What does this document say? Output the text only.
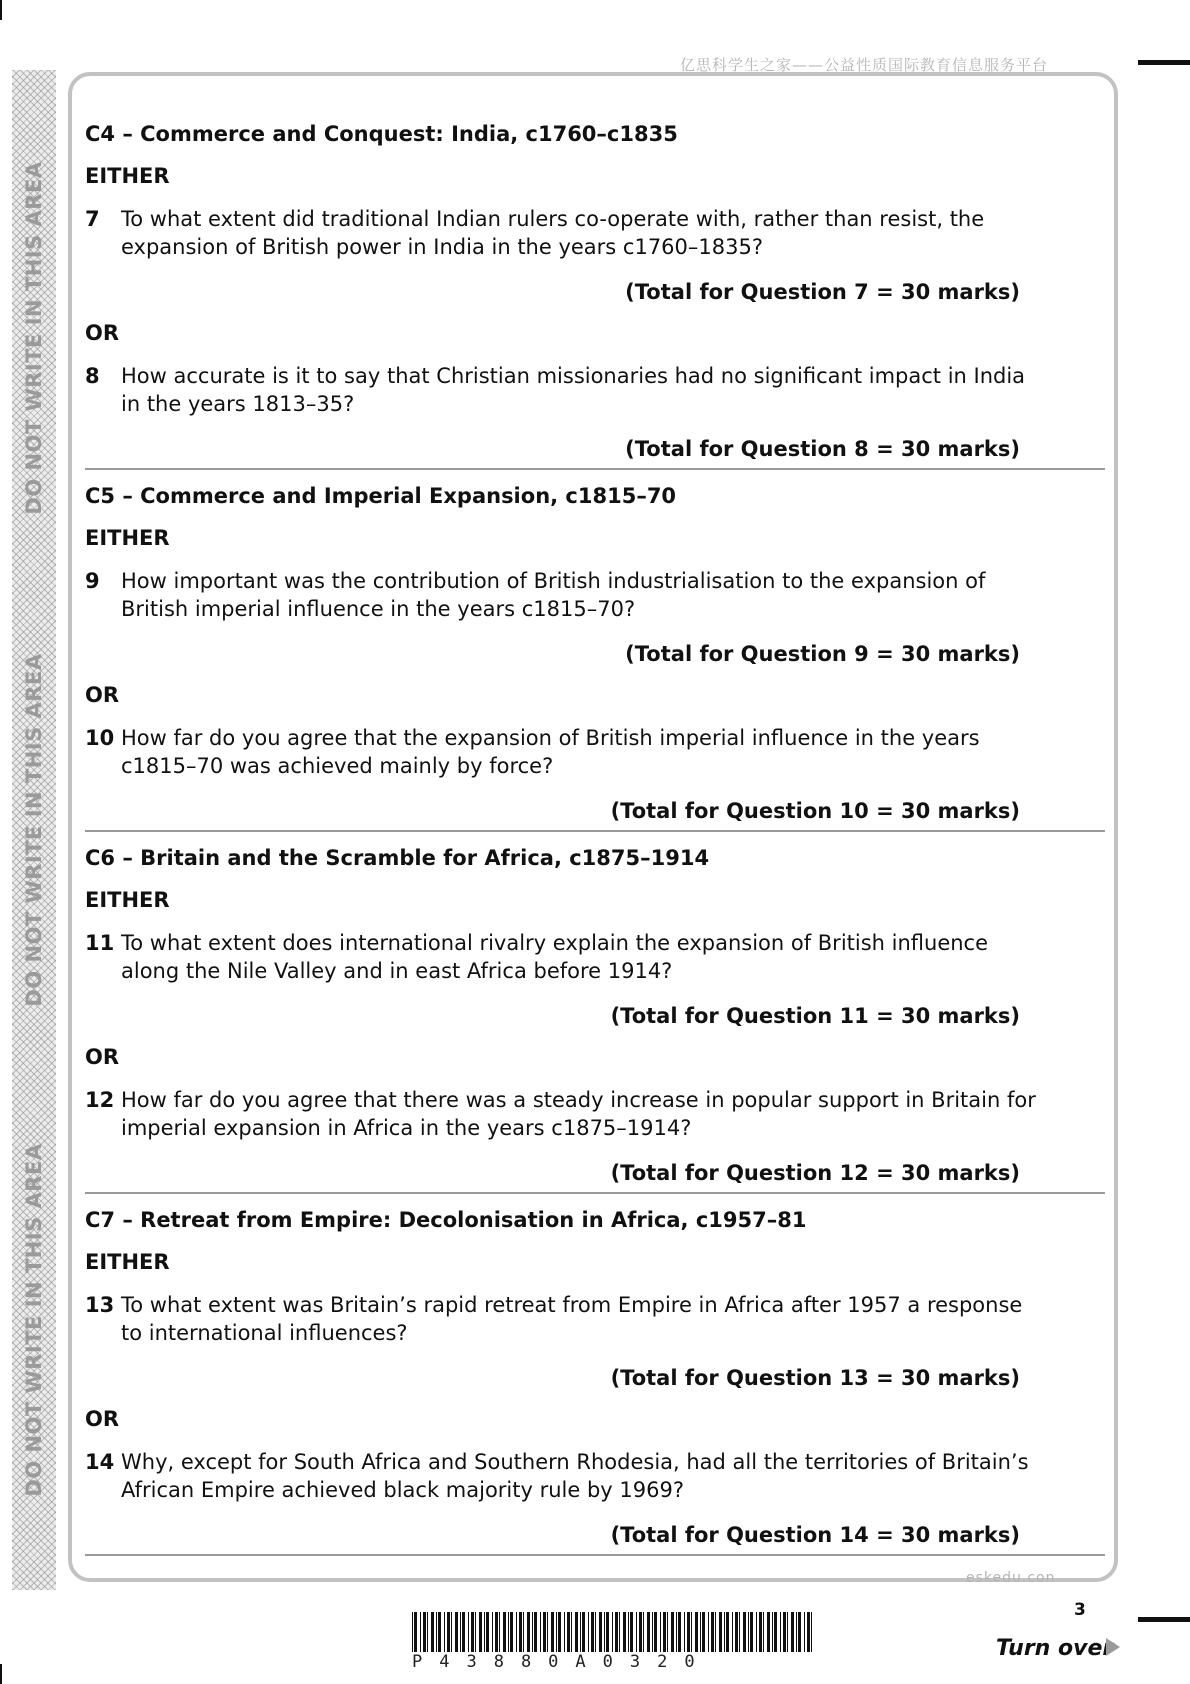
DO NOT WRITE IN THIS AREA
DO NOT WRITE IN THIS AREA
DO NOT WRITE IN THIS AREA
亿思科学生之家——公益性质国际教育信息服务平台
C4 – Commerce and Conquest: India, c1760–c1835
EITHER
7	To what extent did traditional Indian rulers co-operate with, rather than resist, the expansion of British power in India in the years c1760–1835?
(Total for Question 7 = 30 marks)
OR
8	How accurate is it to say that Christian missionaries had no significant impact in India in the years 1813–35?
(Total for Question 8 = 30 marks)
C5 – Commerce and Imperial Expansion, c1815–70
EITHER
9	How important was the contribution of British industrialisation to the expansion of British imperial influence in the years c1815–70?
(Total for Question 9 = 30 marks)
OR
10 How far do you agree that the expansion of British imperial influence in the years c1815–70 was achieved mainly by force?
(Total for Question 10 = 30 marks)
C6 – Britain and the Scramble for Africa, c1875–1914
EITHER
11 To what extent does international rivalry explain the expansion of British influence along the Nile Valley and in east Africa before 1914?
(Total for Question 11 = 30 marks)
OR
12 How far do you agree that there was a steady increase in popular support in Britain for imperial expansion in Africa in the years c1875–1914?
(Total for Question 12 = 30 marks)
C7 – Retreat from Empire: Decolonisation in Africa, c1957–81
EITHER
13 To what extent was Britain’s rapid retreat from Empire in Africa after 1957 a response to international influences?
(Total for Question 13 = 30 marks)
OR
14 Why, except for South Africa and Southern Rhodesia, had all the territories of Britain’s African Empire achieved black majority rule by 1969?
(Total for Question 14 = 30 marks)
eskedu.con
P43880A0320
3
Turn over
